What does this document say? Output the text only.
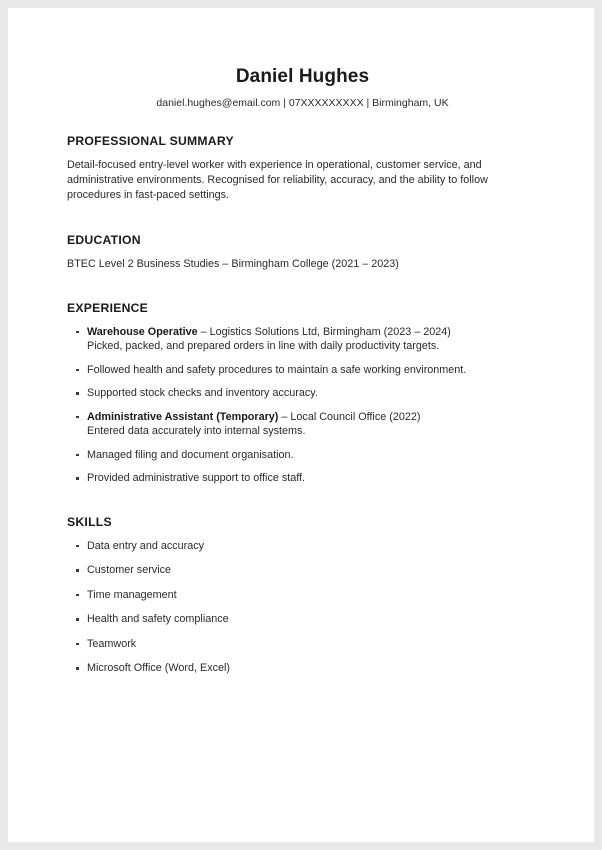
Daniel Hughes

daniel.hughes@email.com | 07XXXXXXXXX | Birmingham, UK

PROFESSIONAL SUMMARY

Detail-focused entry-level worker with experience in operational, customer service, and administrative environments. Recognised for reliability, accuracy, and the ability to follow procedures in fast-paced settings.

EDUCATION

BTEC Level 2 Business Studies – Birmingham College (2021 – 2023)

EXPERIENCE
Warehouse Operative – Logistics Solutions Ltd, Birmingham (2023 – 2024)
Picked, packed, and prepared orders in line with daily productivity targets.
Followed health and safety procedures to maintain a safe working environment.
Supported stock checks and inventory accuracy.
Administrative Assistant (Temporary) – Local Council Office (2022)
Entered data accurately into internal systems.
Managed filing and document organisation.
Provided administrative support to office staff.
SKILLS
Data entry and accuracy
Customer service
Time management
Health and safety compliance
Teamwork
Microsoft Office (Word, Excel)
